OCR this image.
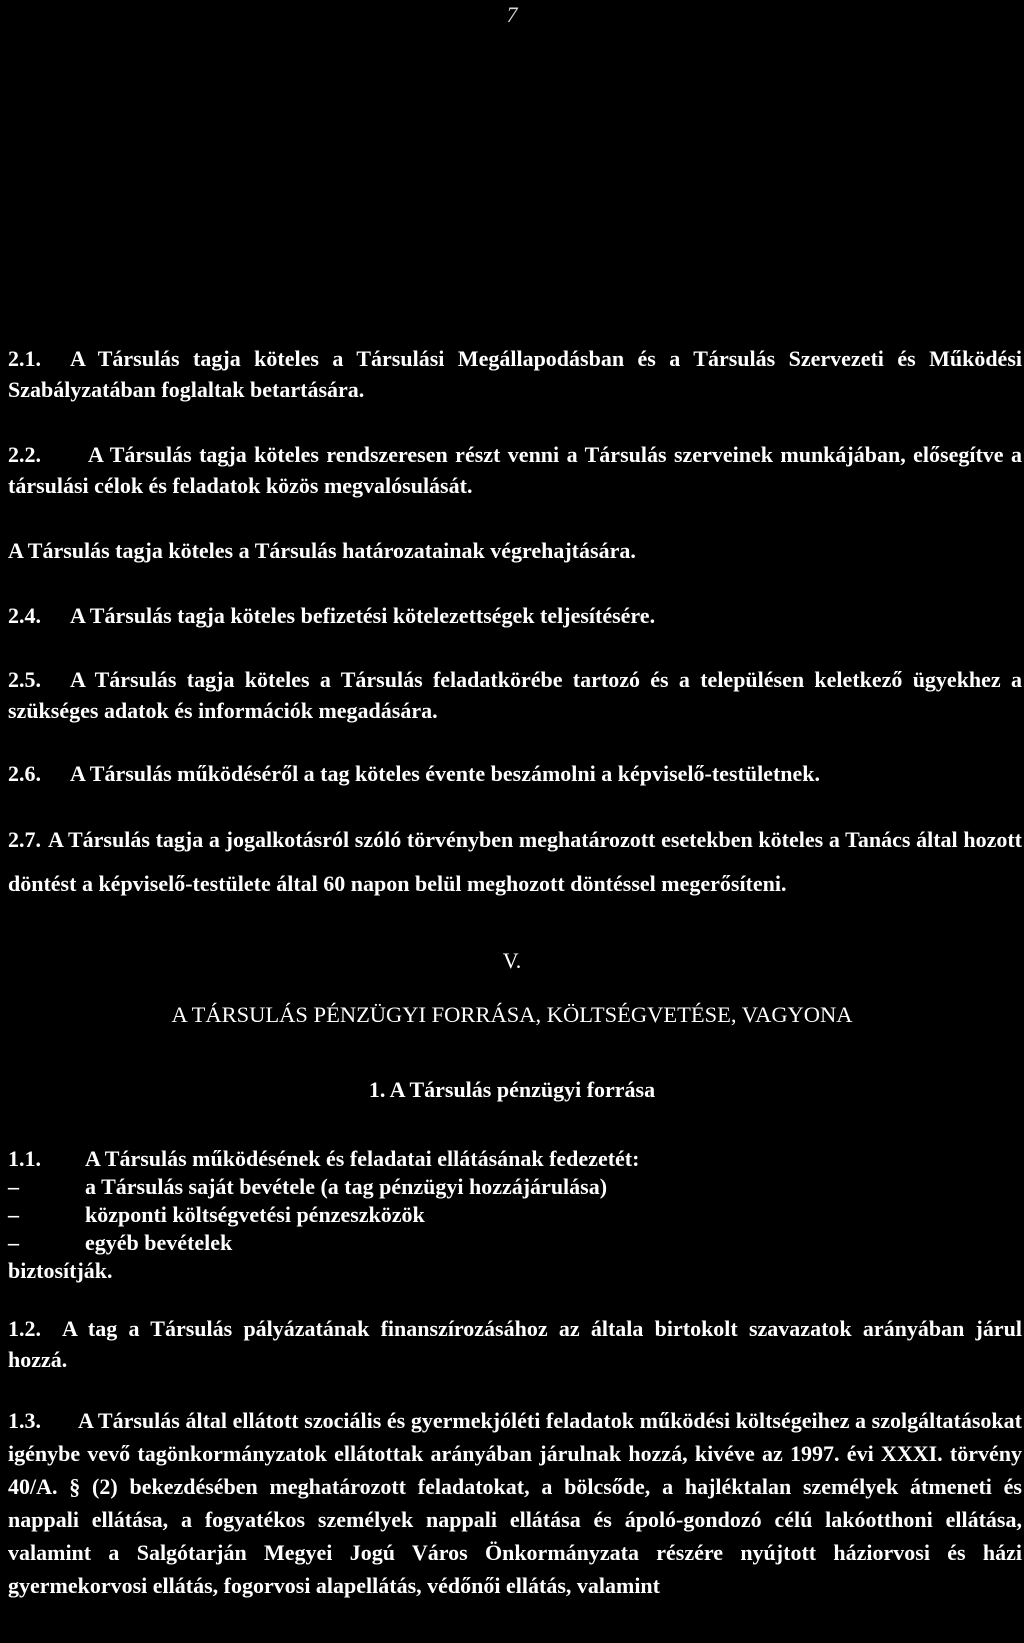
7
2.1. A Társulás tagja köteles a Társulási Megállapodásban és a Társulás Szervezeti és Működési Szabályzatában foglaltak betartására.
2.2. A Társulás tagja köteles rendszeresen részt venni a Társulás szerveinek munkájában, elősegítve a társulási célok és feladatok közös megvalósulását.
A Társulás tagja köteles a Társulás határozatainak végrehajtására.
2.4. A Társulás tagja köteles befizetési kötelezettségek teljesítésére.
2.5. A Társulás tagja köteles a Társulás feladatkörébe tartozó és a településen keletkező ügyekhez a szükséges adatok és információk megadására.
2.6. A Társulás működéséről a tag köteles évente beszámolni a képviselő-testületnek.
2.7. A Társulás tagja a jogalkotásról szóló törvényben meghatározott esetekben köteles a Tanács által hozott döntést a képviselő-testülete által 60 napon belül meghozott döntéssel megerősíteni.
V.
A TÁRSULÁS PÉNZÜGYI FORRÁSA, KÖLTSÉGVETÉSE, VAGYONA
1. A Társulás pénzügyi forrása
1.1.	A Társulás működésének és feladatai ellátásának fedezetét:
–	a Társulás saját bevétele (a tag pénzügyi hozzájárulása)
–	központi költségvetési pénzeszközök
–	egyéb bevételek
biztosítják.
1.2. A tag a Társulás pályázatának finanszírozásához az általa birtokolt szavazatok arányában járul hozzá.
1.3. A Társulás által ellátott szociális és gyermekjóléti feladatok működési költségeihez a szolgáltatásokat igénybe vevő tagönkormányzatok ellátottak arányában járulnak hozzá, kivéve az 1997. évi XXXI. törvény 40/A. § (2) bekezdésében meghatározott feladatokat, a bölcsőde, a hajléktalan személyek átmeneti és nappali ellátása, a fogyatékos személyek nappali ellátása és ápoló-gondozó célú lakóotthoni ellátása, valamint a Salgótarján Megyei Jogú Város Önkormányzata részére nyújtott háziorvosi és házi gyermekorvosi ellátás, fogorvosi alapellátás, védőnői ellátás, valamint
